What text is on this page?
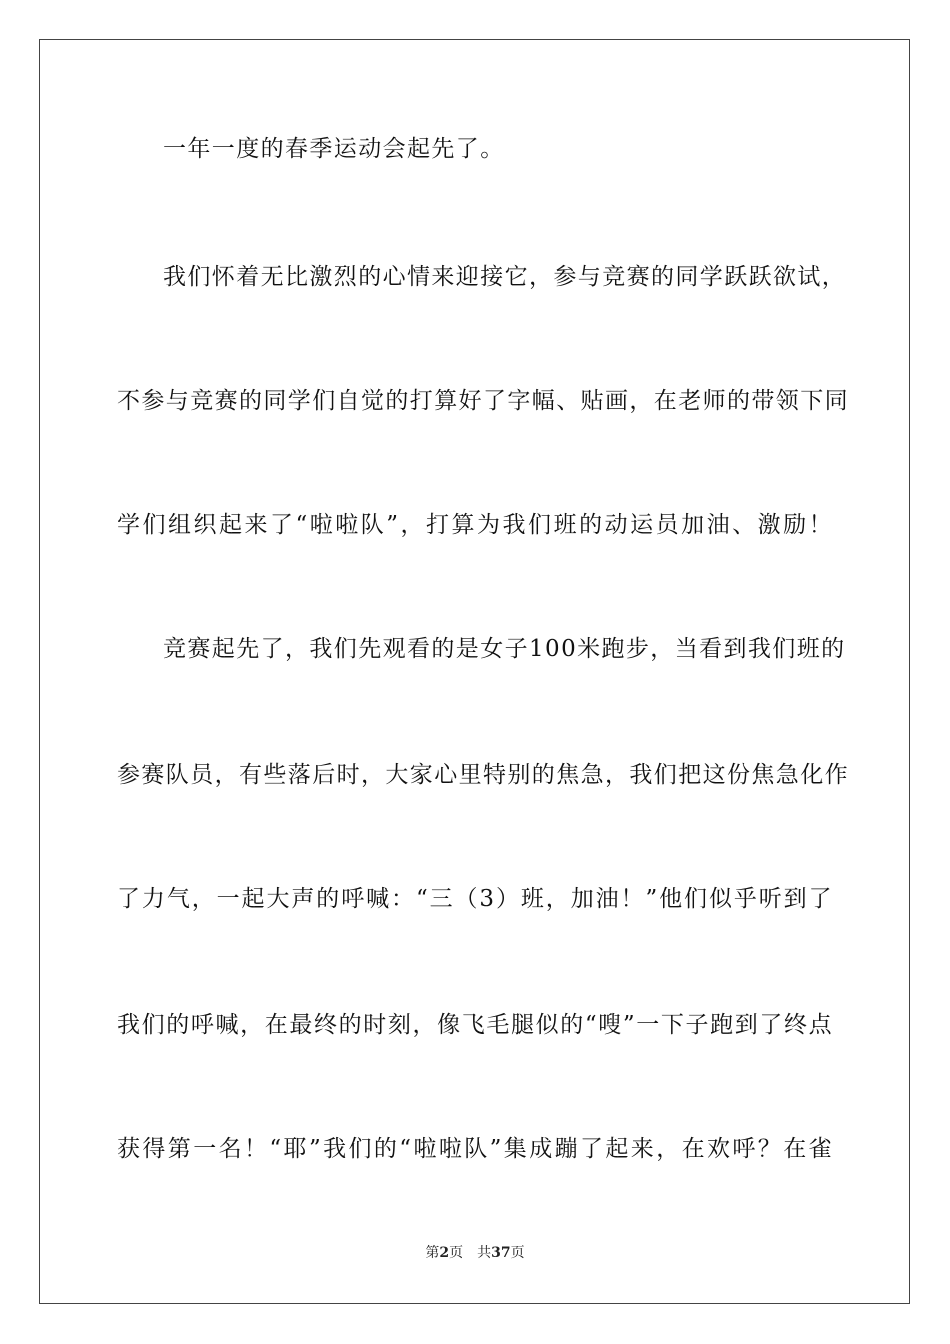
一年一度的春季运动会起先了。
我们怀着无比激烈的心情来迎接它，参与竞赛的同学跃跃欲试，
不参与竞赛的同学们自觉的打算好了字幅、贴画，在老师的带领下同
学们组织起来了“啦啦队”，打算为我们班的动运员加油、激励！
竞赛起先了，我们先观看的是女子100米跑步，当看到我们班的
参赛队员，有些落后时，大家心里特别的焦急，我们把这份焦急化作
了力气，一起大声的呼喊：“三（3）班，加油！”他们似乎听到了
我们的呼喊，在最终的时刻，像飞毛腿似的“嗖”一下子跑到了终点
获得第一名！“耶”我们的“啦啦队”集成蹦了起来，在欢呼？在雀
第2页 共37页
